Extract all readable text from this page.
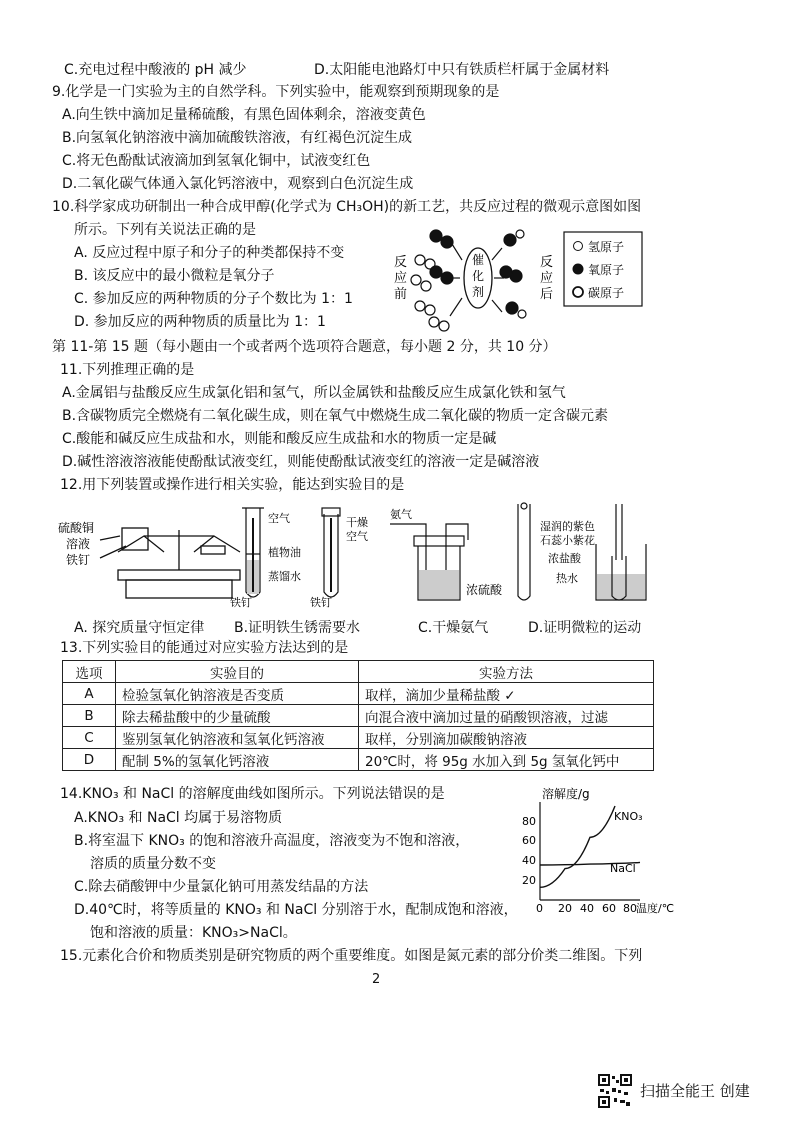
C.充电过程中酸液的 pH 减少	D.太阳能电池路灯中只有铁质栏杆属于金属材料
9.化学是一门实验为主的自然学科。下列实验中，能观察到预期现象的是
A.向生铁中滴加足量稀硫酸，有黑色固体剩余，溶液变黄色
B.向氢氧化钠溶液中滴加硫酸铁溶液，有红褐色沉淀生成
C.将无色酚酞试液滴加到氢氧化铜中，试液变红色
D.二氧化碳气体通入氯化钙溶液中，观察到白色沉淀生成
10.科学家成功研制出一种合成甲醇(化学式为 CH₃OH)的新工艺，共反应过程的微观示意图如图
所示。下列有关说法正确的是
A. 反应过程中原子和分子的种类都保持不变
B. 该反应中的最小微粒是氧分子
C. 参加反应的两种物质的分子个数比为 1：1
D. 参加反应的两种物质的质量比为 1：1
反
应
前
催
化
剂
反
应
后
氢原子
氧原子
碳原子
第 11-第 15 题（每小题由一个或者两个选项符合题意，每小题 2 分，共 10 分）
11.下列推理正确的是
A.金属铝与盐酸反应生成氯化铝和氢气，所以金属铁和盐酸反应生成氯化铁和氢气
B.含碳物质完全燃烧有二氧化碳生成，则在氧气中燃烧生成二氧化碳的物质一定含碳元素
C.酸能和碱反应生成盐和水，则能和酸反应生成盐和水的物质一定是碱
D.碱性溶液溶液能使酚酞试液变红，则能使酚酞试液变红的溶液一定是碱溶液
12.用下列装置或操作进行相关实验，能达到实验目的是
硫酸铜
溶液
铁钉
空气
植物油
蒸馏水
铁钉
干燥
空气
铁钉
氨气
浓硫酸
湿润的紫色
石蕊小紫花
浓盐酸
热水
A. 探究质量守恒定律 B.证明铁生锈需要水	C.干燥氨气	D.证明微粒的运动
13.下列实验目的能通过对应实验方法达到的是
选项	实验目的	实验方法
A	检验氢氧化钠溶液是否变质	取样，滴加少量稀盐酸 ✓
B	除去稀盐酸中的少量硫酸	向混合液中滴加过量的硝酸钡溶液，过滤
C	鉴别氢氧化钠溶液和氢氧化钙溶液	取样，分别滴加碳酸钠溶液
D	配制 5%的氢氧化钙溶液	20℃时，将 95g 水加入到 5g 氢氧化钙中
14.KNO₃ 和 NaCl 的溶解度曲线如图所示。下列说法错误的是
A.KNO₃ 和 NaCl 均属于易溶物质
B.将室温下 KNO₃ 的饱和溶液升高温度，溶液变为不饱和溶液，
溶质的质量分数不变
C.除去硝酸钾中少量氯化钠可用蒸发结晶的方法
D.40℃时，将等质量的 KNO₃ 和 NaCl 分别溶于水，配制成饱和溶液，
饱和溶液的质量：KNO₃>NaCl。
溶解度/g
80
60
40
20
0 20 40 60 80 温度/℃
KNO₃
NaCl
15.元素化合价和物质类别是研究物质的两个重要维度。如图是氮元素的部分价类二维图。下列
2
扫描全能王 创建
